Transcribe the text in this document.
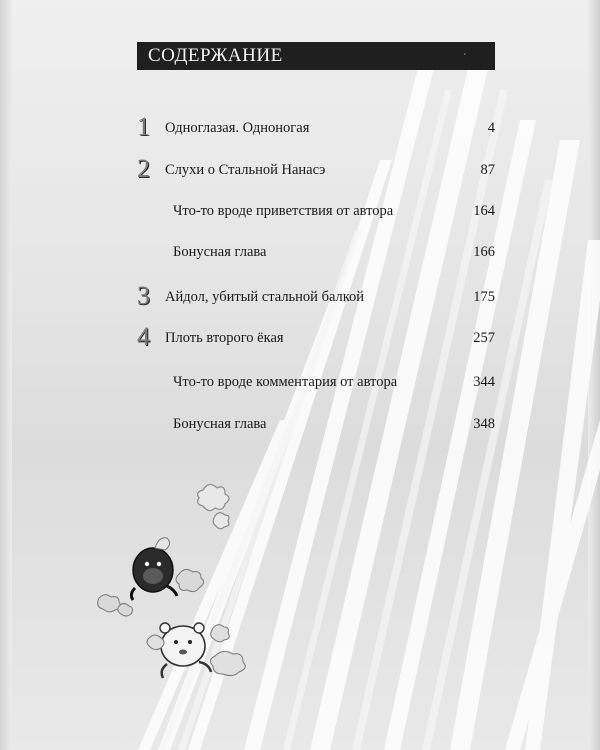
СОДЕРЖАНИЕ	ˊ
1 Одноглазая. Одноногая	4
2 Слухи о Стальной Нанасэ	87
Что-то вроде приветствия от автора	164
Бонусная глава	166
3 Айдол, убитый стальной балкой	175
4 Плоть второго ёкая	257
Что-то вроде комментария от автора	344
Бонусная глава	348
